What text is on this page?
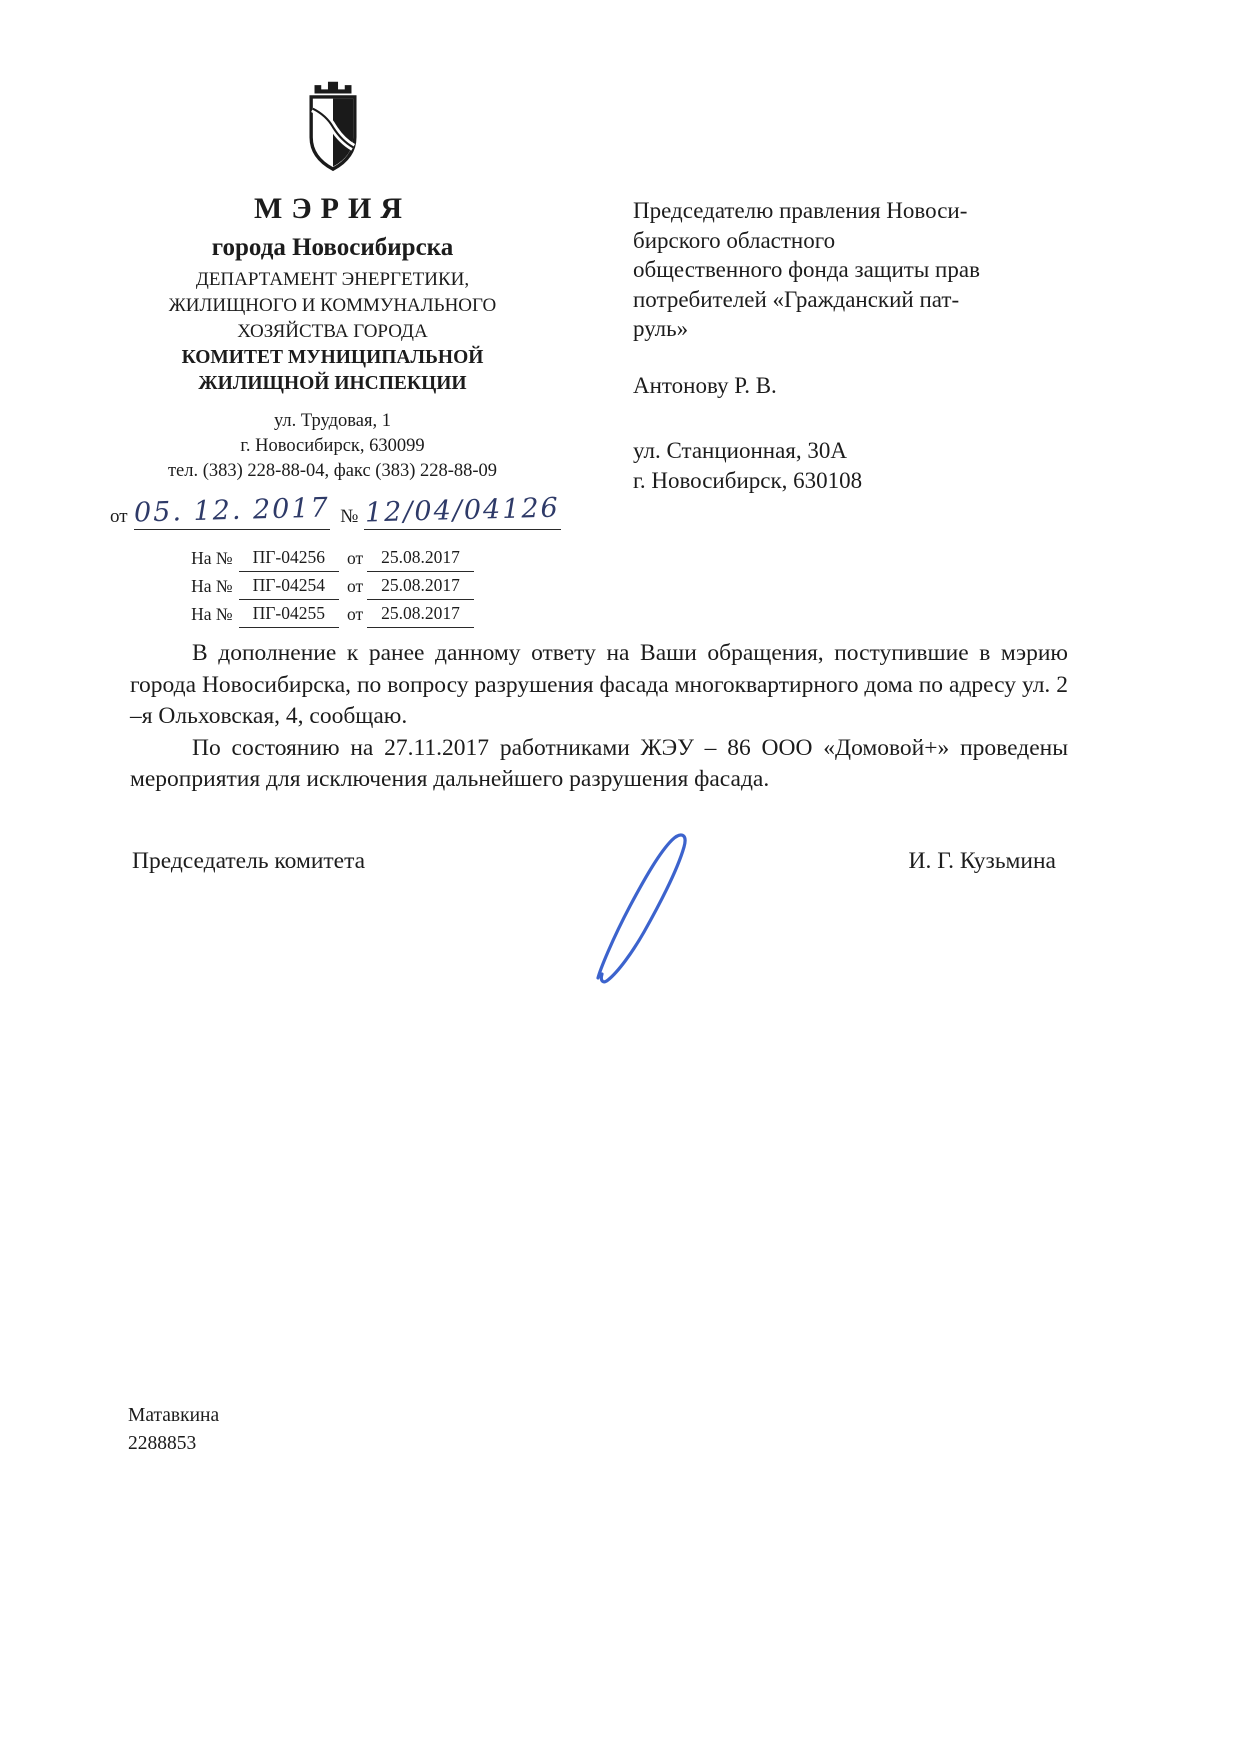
МЭРИЯ
города Новосибирска
ДЕПАРТАМЕНТ ЭНЕРГЕТИКИ,
ЖИЛИЩНОГО И КОММУНАЛЬНОГО
ХОЗЯЙСТВА ГОРОДА
КОМИТЕТ МУНИЦИПАЛЬНОЙ
ЖИЛИЩНОЙ ИНСПЕКЦИИ
ул. Трудовая, 1
г. Новосибирск, 630099
тел. (383) 228-88-04, факс (383) 228-88-09
от 05. 12. 2017 № 12/04/04126
На №	ПГ-04256	от	25.08.2017
На №	ПГ-04254	от	25.08.2017
На №	ПГ-04255	от	25.08.2017
Председателю правления Новоси-
бирского областного
общественного фонда защиты прав
потребителей «Гражданский пат-
руль»
Антонову Р. В.
ул. Станционная, 30А
г. Новосибирск, 630108

В дополнение к ранее данному ответу на Ваши обращения, поступившие в мэрию города Новосибирска, по вопросу разрушения фасада многоквартирного дома по адресу ул. 2 –я Ольховская, 4, сообщаю.

По состоянию на 27.11.2017 работниками ЖЭУ – 86 ООО «Домовой+» проведены мероприятия для исключения дальнейшего разрушения фасада.

Председатель комитета	И. Г. Кузьмина
Матавкина
2288853
